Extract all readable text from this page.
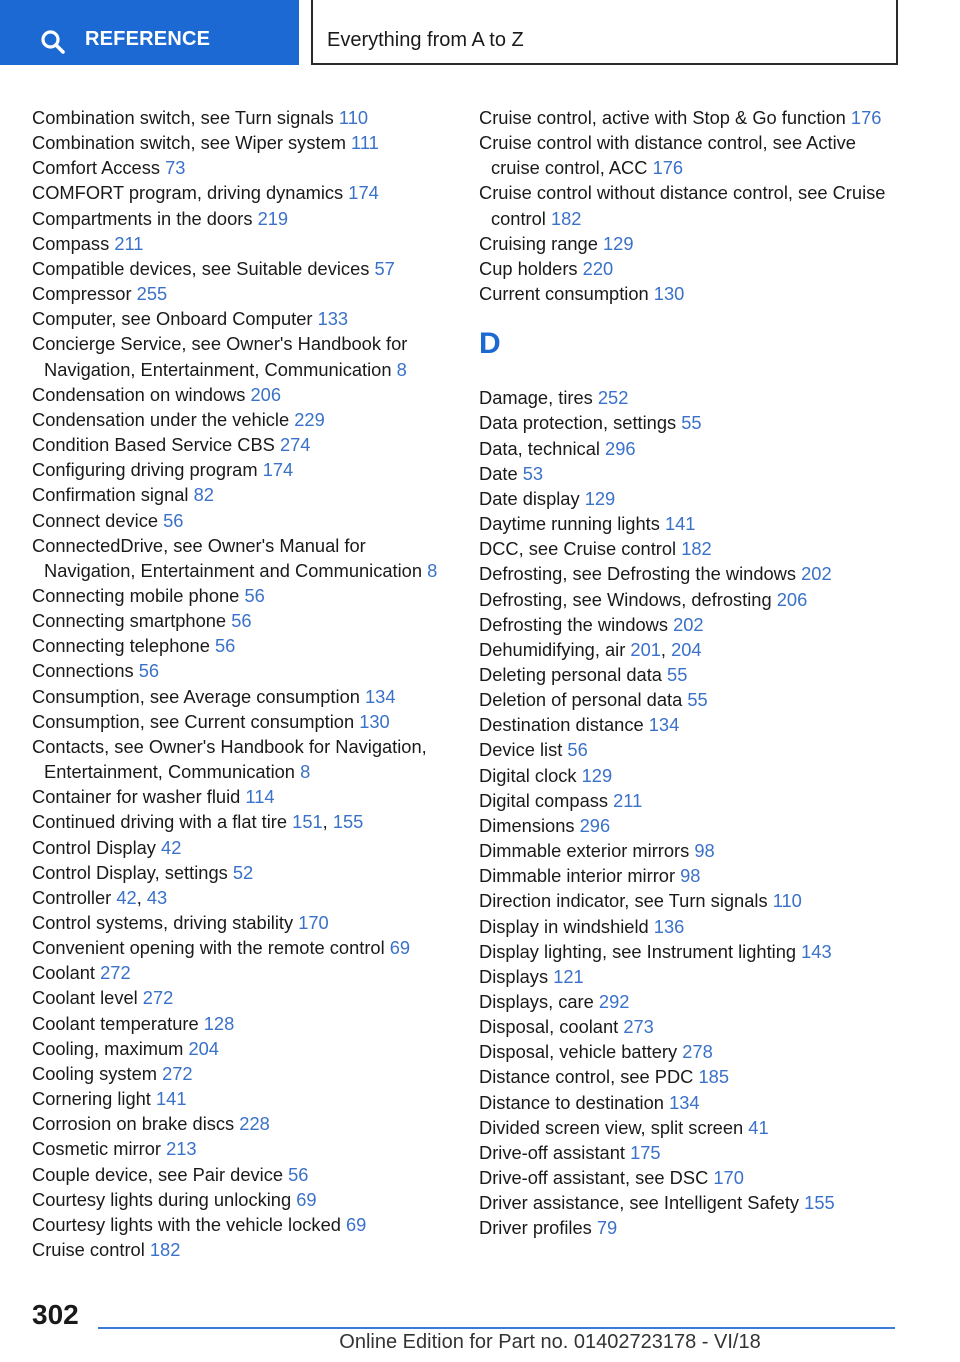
REFERENCE	Everything from A to Z
Combination switch, see Turn signals 110
Combination switch, see Wiper system 111
Comfort Access 73
COMFORT program, driving dynamics 174
Compartments in the doors 219
Compass 211
Compatible devices, see Suitable devices 57
Compressor 255
Computer, see Onboard Computer 133
Concierge Service, see Owner's Handbook for Navigation, Entertainment, Communication 8
Condensation on windows 206
Condensation under the vehicle 229
Condition Based Service CBS 274
Configuring driving program 174
Confirmation signal 82
Connect device 56
ConnectedDrive, see Owner's Manual for Navigation, Entertainment and Communication 8
Connecting mobile phone 56
Connecting smartphone 56
Connecting telephone 56
Connections 56
Consumption, see Average consumption 134
Consumption, see Current consumption 130
Contacts, see Owner's Handbook for Navigation, Entertainment, Communication 8
Container for washer fluid 114
Continued driving with a flat tire 151, 155
Control Display 42
Control Display, settings 52
Controller 42, 43
Control systems, driving stability 170
Convenient opening with the remote control 69
Coolant 272
Coolant level 272
Coolant temperature 128
Cooling, maximum 204
Cooling system 272
Cornering light 141
Corrosion on brake discs 228
Cosmetic mirror 213
Couple device, see Pair device 56
Courtesy lights during unlocking 69
Courtesy lights with the vehicle locked 69
Cruise control 182
Cruise control, active with Stop & Go function 176
Cruise control with distance control, see Active cruise control, ACC 176
Cruise control without distance control, see Cruise control 182
Cruising range 129
Cup holders 220
Current consumption 130
D
Damage, tires 252
Data protection, settings 55
Data, technical 296
Date 53
Date display 129
Daytime running lights 141
DCC, see Cruise control 182
Defrosting, see Defrosting the windows 202
Defrosting, see Windows, defrosting 206
Defrosting the windows 202
Dehumidifying, air 201, 204
Deleting personal data 55
Deletion of personal data 55
Destination distance 134
Device list 56
Digital clock 129
Digital compass 211
Dimensions 296
Dimmable exterior mirrors 98
Dimmable interior mirror 98
Direction indicator, see Turn signals 110
Display in windshield 136
Display lighting, see Instrument lighting 143
Displays 121
Displays, care 292
Disposal, coolant 273
Disposal, vehicle battery 278
Distance control, see PDC 185
Distance to destination 134
Divided screen view, split screen 41
Drive-off assistant 175
Drive-off assistant, see DSC 170
Driver assistance, see Intelligent Safety 155
Driver profiles 79
302
Online Edition for Part no. 01402723178 - VI/18
